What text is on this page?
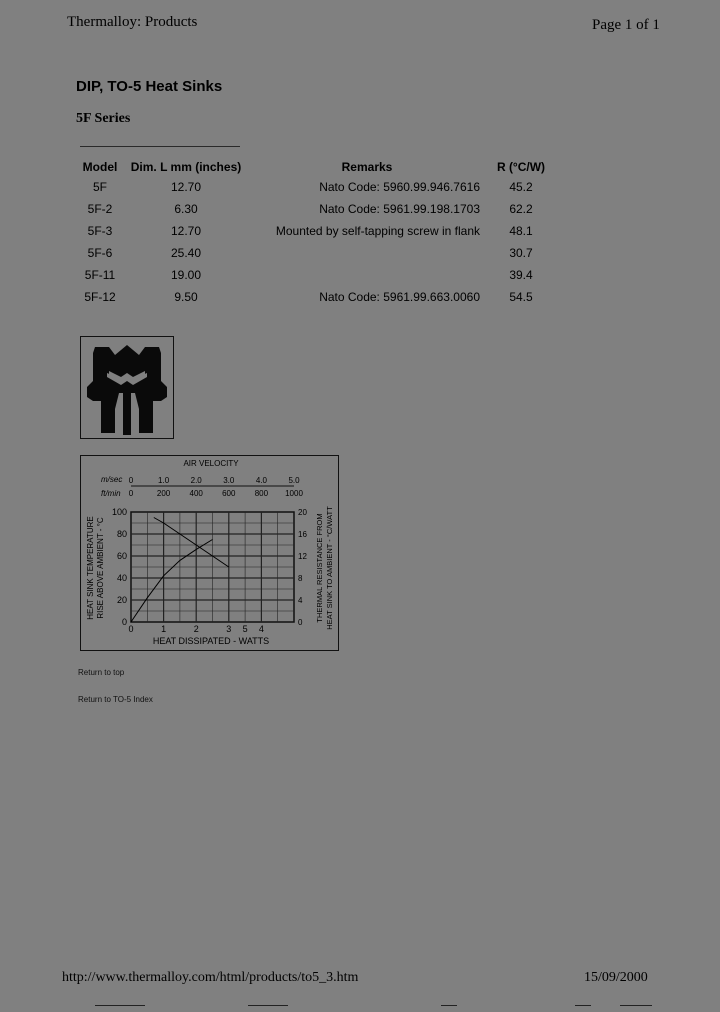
Thermalloy: Products	Page 1 of 1
DIP, TO-5 Heat Sinks
5F Series
Model	Dim. L mm (inches)	Remarks	R (°C/W)
5F	12.70	Nato Code: 5960.99.946.7616	45.2
5F-2	6.30	Nato Code: 5961.99.198.1703	62.2
5F-3	12.70	Mounted by self-tapping screw in flank	48.1
5F-6	25.40		30.7
5F-11	19.00		39.4
5F-12	9.50	Nato Code: 5961.99.663.0060	54.5
AIR VELOCITY
m/sec
ft/min
0
20
40
60
80
100
0
4
8
12
16
20
0	1	2	3	4
5
0	1.0	2.0	3.0	4.0	5.0
0	200 400 600 800 1000
HEAT DISSIPATED - WATTS
HEAT SINK TEMPERATURE RISE ABOVE AMBIENT - °C	THERMAL RESISTANCE FROM HEAT SINK TO AMBIENT - °C/WATT
Return to top
Return to TO-5 Index
http://www.thermalloy.com/html/products/to5_3.htm	15/09/2000
